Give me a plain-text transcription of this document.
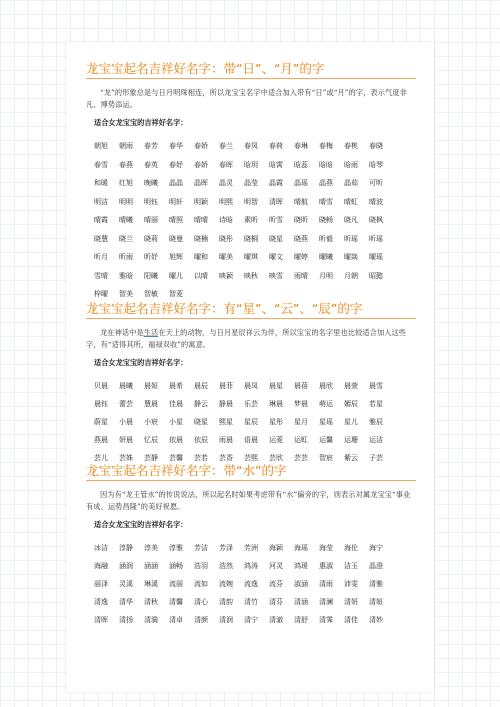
龙宝宝起名吉祥好名字：带“日”、“月”的字
“龙”的形象总是与日月明珠相连，所以龙宝宝名字中适合加入带有“日”或“月”的字，表示气度非凡、博势添运。
适合女龙宝宝的吉祥好名字：
朝旭 朝雨 春芳 春华 春娇 春兰 春凤 春荷 春琳 春梅 春桃 春晓
春雪 春燕 春英 春妤 春娇 春晖 晗玥 晗霄 晗蕊 晗晗 晗雨 晗琴
和暖 红旭 晚曦 晶晶 晶晖 晶灵 晶莹 晶霞 晶瑶 晶燕 晶茹 可昕
明洁 明明 明钰 明轩 明颖 明熙 明智 清晖 晴航 晴雪 晴虹 晴波
晴霞 晴曦 晴丽 晴照 晴晴 诗晗 素昕 昕雪 晓昕 晓畅 晓凡 晓枫
晓慧 晓兰 晓莉 晓曼 晓楠 晓彤 晓桐 晓星 晓燕 昕毅 昕瑶 昕瑶
昕月 昕雨 昕妤 旭辉 曜和 曜美 曜琪 曜文 曜婷 曜曦 曜燚 曜瑶
雪晴 雅晗 阳曦 曜儿 以晴 映颖 映秋 映雪 雨晴 月明 月朝 昭懿
梓曜 智美 智敏 智菱
龙宝宝起名吉祥好名字：有“星”、“云”、“辰”的字
龙在神话中是生活在天上的动物，与日月星辰祥云为伴，所以宝宝的名字里也比较适合加入这些字，有“适得其所，福禄双收”的寓意。
适合女龙宝宝的吉祥好名字：
贝晨 晨曦 晨姮 晨希 晨辰 晨菲 晨凤 晨星 晨蓓 晨欣 晨萱 晨雪
晨钰 蕾芸 慧晨 佳晨 静云 静晨 乐芸 琳晨 梦晨 萌运 媚辰 若星
蔚星 小晨 小宸 小星 晓星 熙星 星辰 星彤 星月 星瑶 星儿 雅辰
燕晨 妍晨 忆辰 依晨 依辰 雨晨 语晨 运菱 运虹 运馨 运珊 运洁
芸儿 芸姝 芸静 芸馨 芸若 芸香 芸熙 芸欣 芸芸 智宸 紫云 子芸
龙宝宝起名吉祥好名字：带“水”的字
因为有“龙王管水”的传说说法，所以起名时如果考虑带有“水”偏旁的字，则表示对属龙宝宝“事业有成、运势昌隆”的美好祝愿。
适合女龙宝宝的吉祥好名字：
冰洁 淳静 淳美 淳雅 芳洁 芳泽 芳洲 海颖 海瑶 海莹 海伦 海宁
海融 涵润 涵涵 涵畅 浩羽 浩然 鸿涛 河灵 鸿瑗 惠淑 洁玉 晶澄
丽泽 灵溪 琳溪 流丽 流如 流婉 流逸 流芬 淑涵 清雨 沛雯 清雅
清逸 清华 清秋 清馨 清心 清韵 清竹 清芬 清涵 清澜 清妍 清姮
清晖 清扬 清漪 清卓 清颜 清润 清宁 清澈 清舒 清霁 清佳 清妙
